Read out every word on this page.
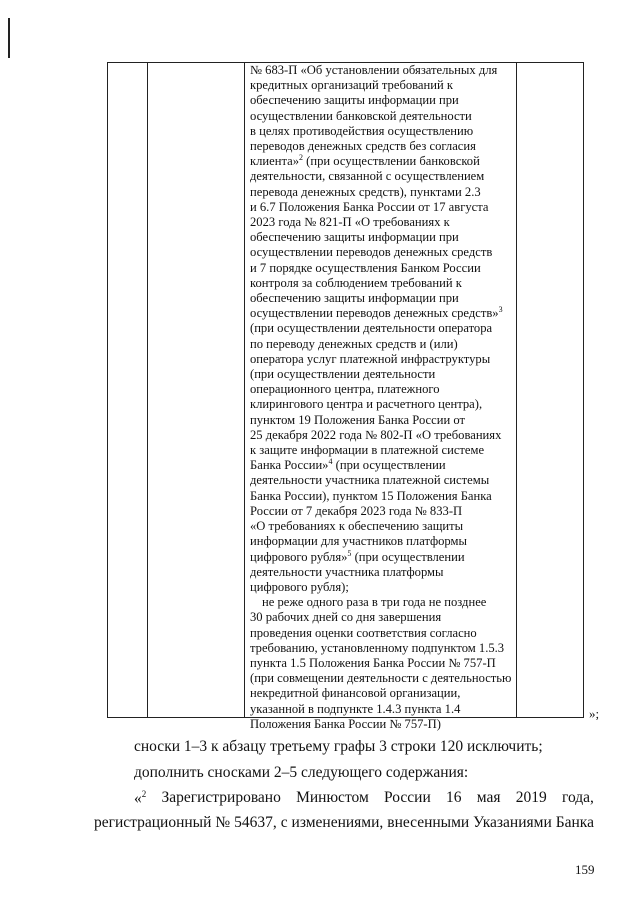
№ 683-П «Об установлении обязательных для

кредитных организаций требований к

обеспечению защиты информации при

осуществлении банковской деятельности

в целях противодействия осуществлению

переводов денежных средств без согласия

клиента»$^2$ (при осуществлении банковской

деятельности, связанной с осуществлением

перевода денежных средств), пунктами 2.3

и 6.7 Положения Банка России от 17 августа

2023 года № 821-П «О требованиях к

обеспечению защиты информации при

осуществлении переводов денежных средств

и 7 порядке осуществления Банком России

контроля за соблюдением требований к

обеспечению защиты информации при

осуществлении переводов денежных средств»$^3$

(при осуществлении деятельности оператора

по переводу денежных средств и (или)

оператора услуг платежной инфраструктуры

(при осуществлении деятельности

операционного центра, платежного

клирингового центра и расчетного центра),

пунктом 19 Положения Банка России от

25 декабря 2022 года № 802-П «О требованиях

к защите информации в платежной системе

Банка России»$^4$ (при осуществлении

деятельности участника платежной системы

Банка России), пунктом 15 Положения Банка

России от 7 декабря 2023 года № 833-П

«О требованиях к обеспечению защиты

информации для участников платформы

цифрового рубля»$^5$ (при осуществлении

деятельности участника платформы

цифрового рубля);

не реже одного раза в три года не позднее

30 рабочих дней со дня завершения

проведения оценки соответствия согласно

требованию, установленному подпунктом 1.5.3

пункта 1.5 Положения Банка России № 757-П

(при совмещении деятельности с деятельностью

некредитной финансовой организации,

указанной в подпункте 1.4.3 пункта 1.4

Положения Банка России № 757-П)

»;
сноски 1–3 к абзацу третьему графы 3 строки 120 исключить;
дополнить сносками 2–5 следующего содержания:
«$^2$ Зарегистрировано Минюстом России 16 мая 2019 года,
регистрационный № 54637, с изменениями, внесенными Указаниями Банка
159
